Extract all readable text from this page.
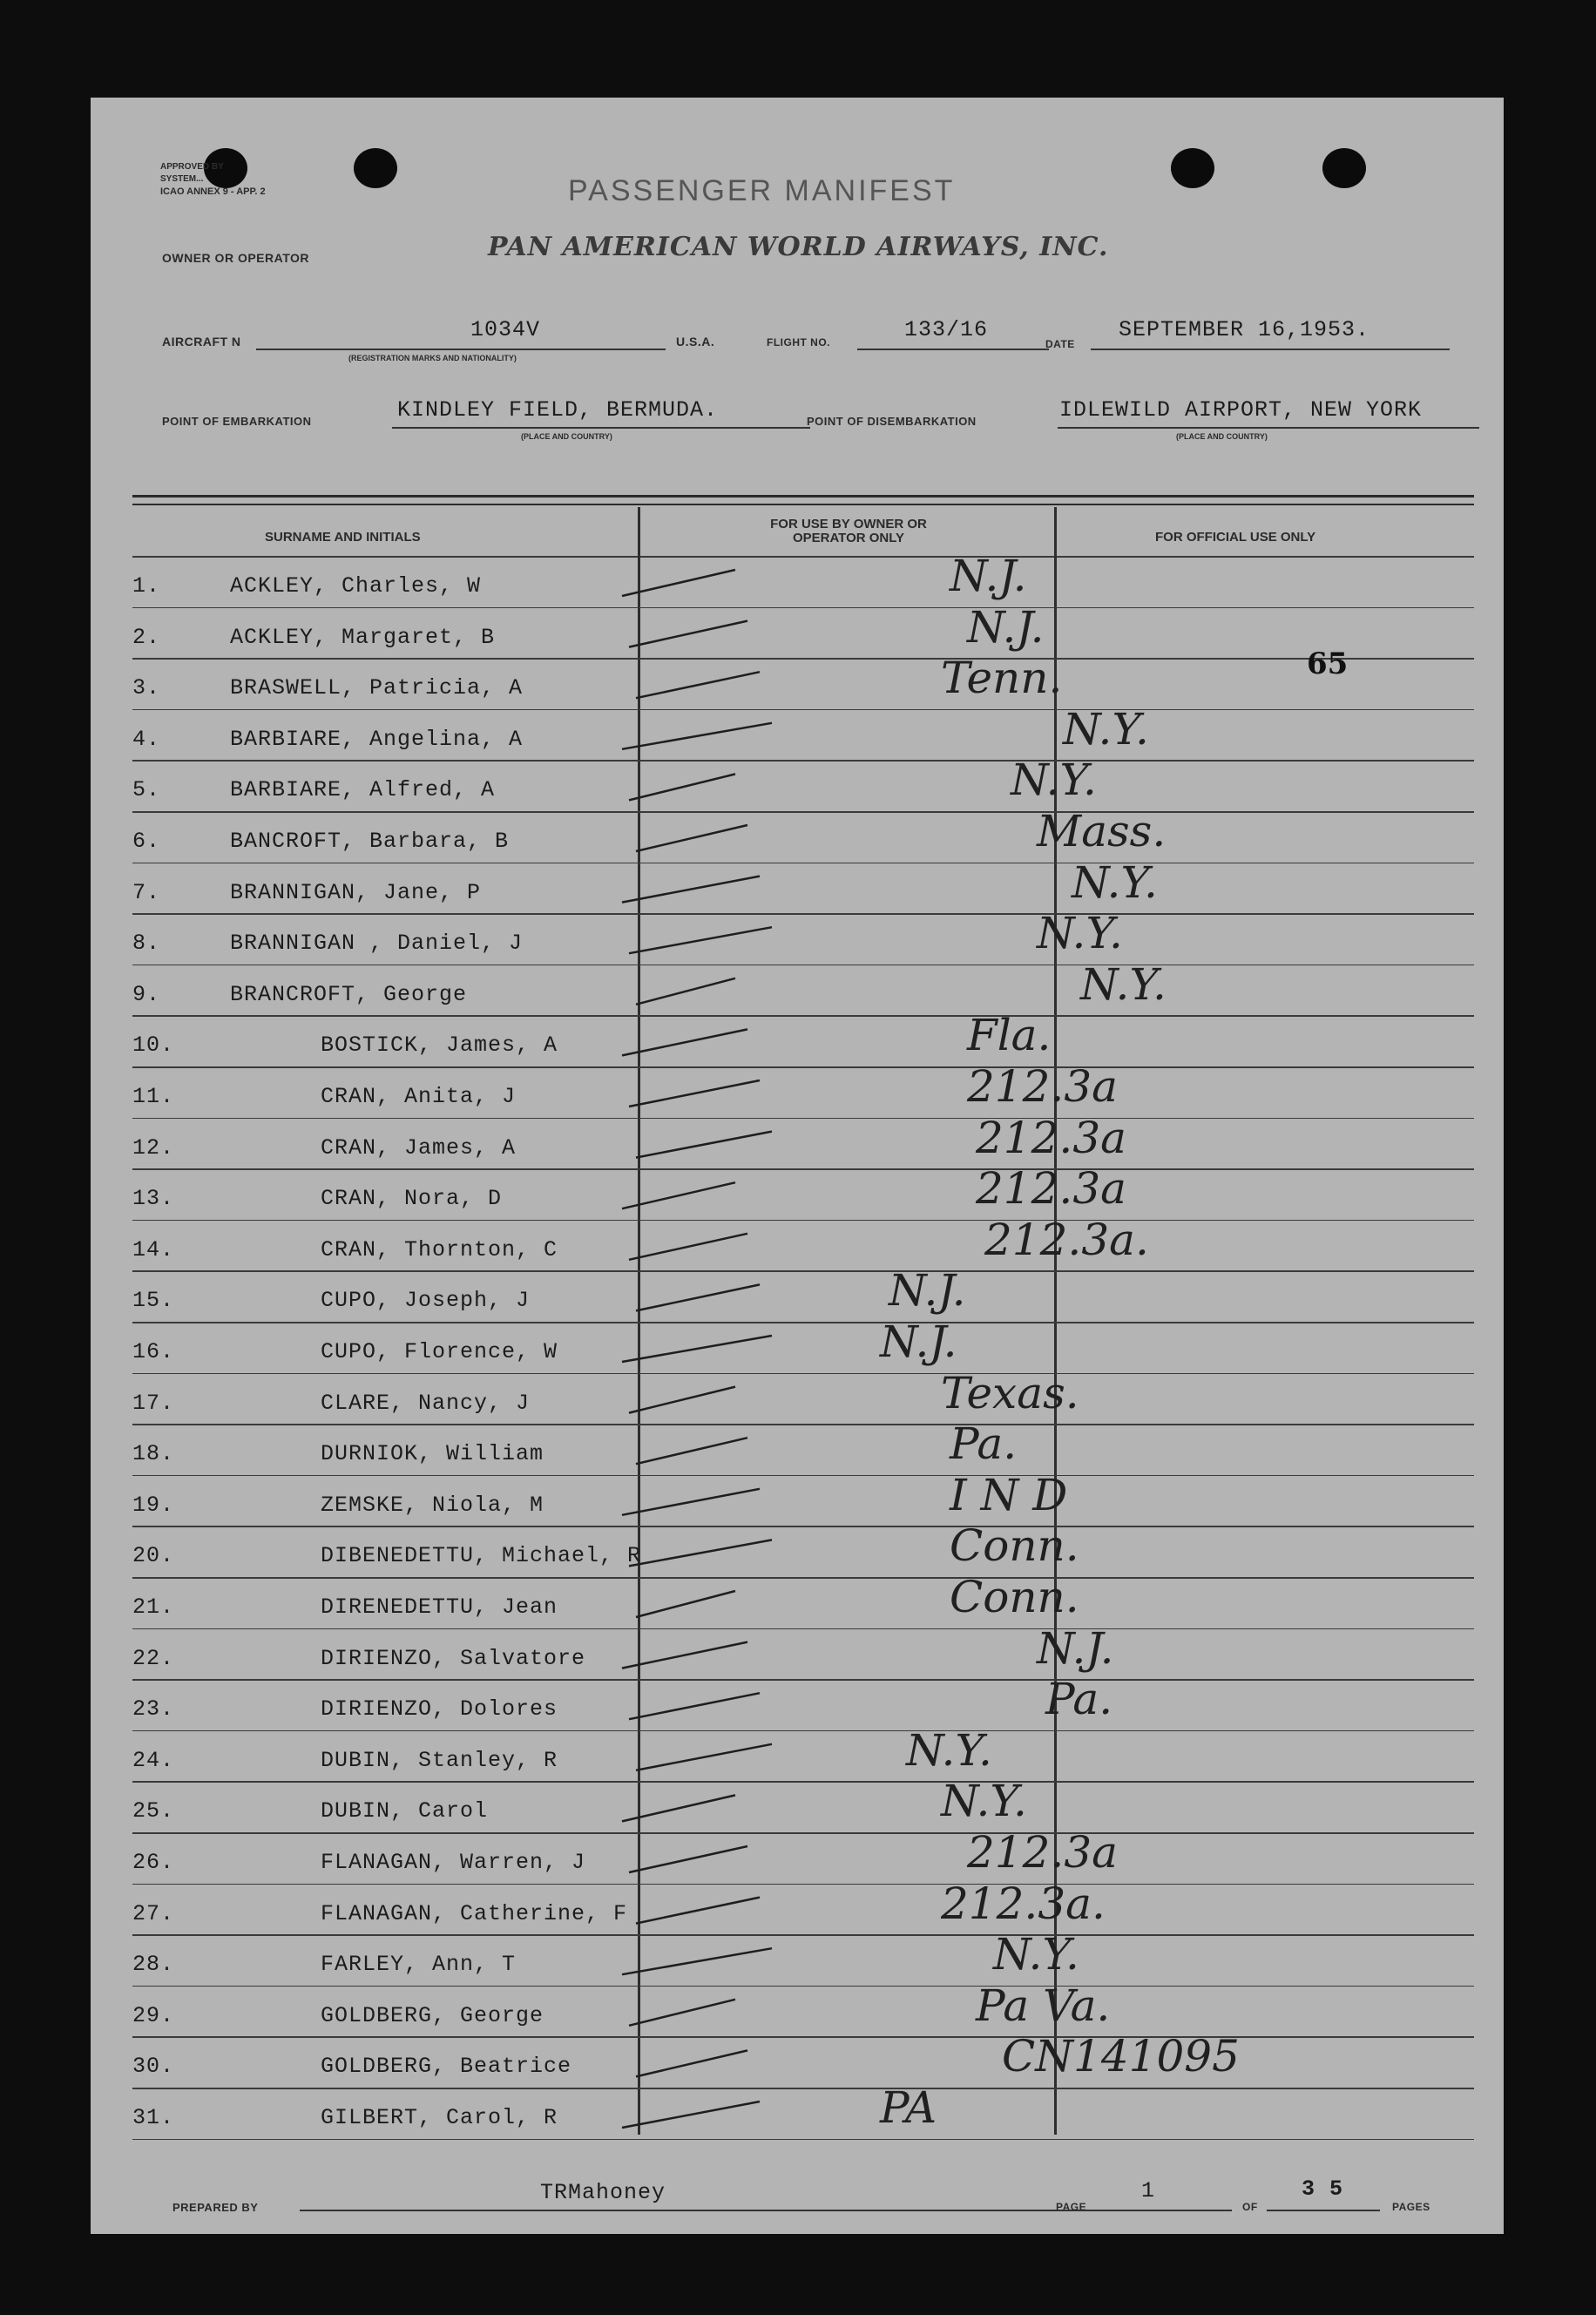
APPROVED BY
SYSTEM...
ICAO ANNEX 9 - APP. 2	PASSENGER MANIFEST
OWNER OR OPERATOR	PAN AMERICAN WORLD AIRWAYS, INC.
AIRCRAFT N	1034V
(REGISTRATION MARKS AND NATIONALITY)
U.S.A.	FLIGHT NO.	133/16
DATE
SEPTEMBER 16,1953.
POINT OF EMBARKATION	KINDLEY FIELD, BERMUDA.
(PLACE AND COUNTRY)
POINT OF DISEMBARKATION	IDLEWILD AIRPORT, NEW YORK
(PLACE AND COUNTRY)
SURNAME AND INITIALS
FOR USE BY OWNER OR OPERATOR ONLY	FOR OFFICIAL USE ONLY
1.	ACKLEY, Charles, W	N.J.
2.	ACKLEY, Margaret, B	N.J.
3.	BRASWELL, Patricia, A	Tenn.
4.	BARBIARE, Angelina, A	N.Y.
5.	BARBIARE, Alfred, A	N.Y.
6.	BANCROFT, Barbara, B	Mass.
7.	BRANNIGAN, Jane, P	N.Y.
8.	BRANNIGAN , Daniel, J	N.Y.
9.	BRANCROFT, George	N.Y.
10.	BOSTICK, James, A	Fla.
11.	CRAN, Anita, J	212.3a
12.	CRAN, James, A	212.3a
13.	CRAN, Nora, D	212.3a
14.	CRAN, Thornton, C	212.3a.
15.	CUPO, Joseph, J	N.J.
16.	CUPO, Florence, W	N.J.
17.	CLARE, Nancy, J	Texas.
18.	DURNIOK, William	Pa.
19.	ZEMSKE, Niola, M	I N D
20.	DIBENEDETTU, Michael, R	Conn.
21.	DIRENEDETTU, Jean	Conn.
22.	DIRIENZO, Salvatore	N.J.
23.	DIRIENZO, Dolores	Pa.
24.	DUBIN, Stanley, R	N.Y.
25.	DUBIN, Carol	N.Y.
26.	FLANAGAN, Warren, J	212.3a
27.	FLANAGAN, Catherine, F	212.3a.
28.	FARLEY, Ann, T	N.Y.
29.	GOLDBERG, George	Pa Va.
30.	GOLDBERG, Beatrice	CN141095
31.	GILBERT, Carol, R	PA
65
PREPARED BY
TRMahoney
PAGE
1
OF
3 5
PAGES
